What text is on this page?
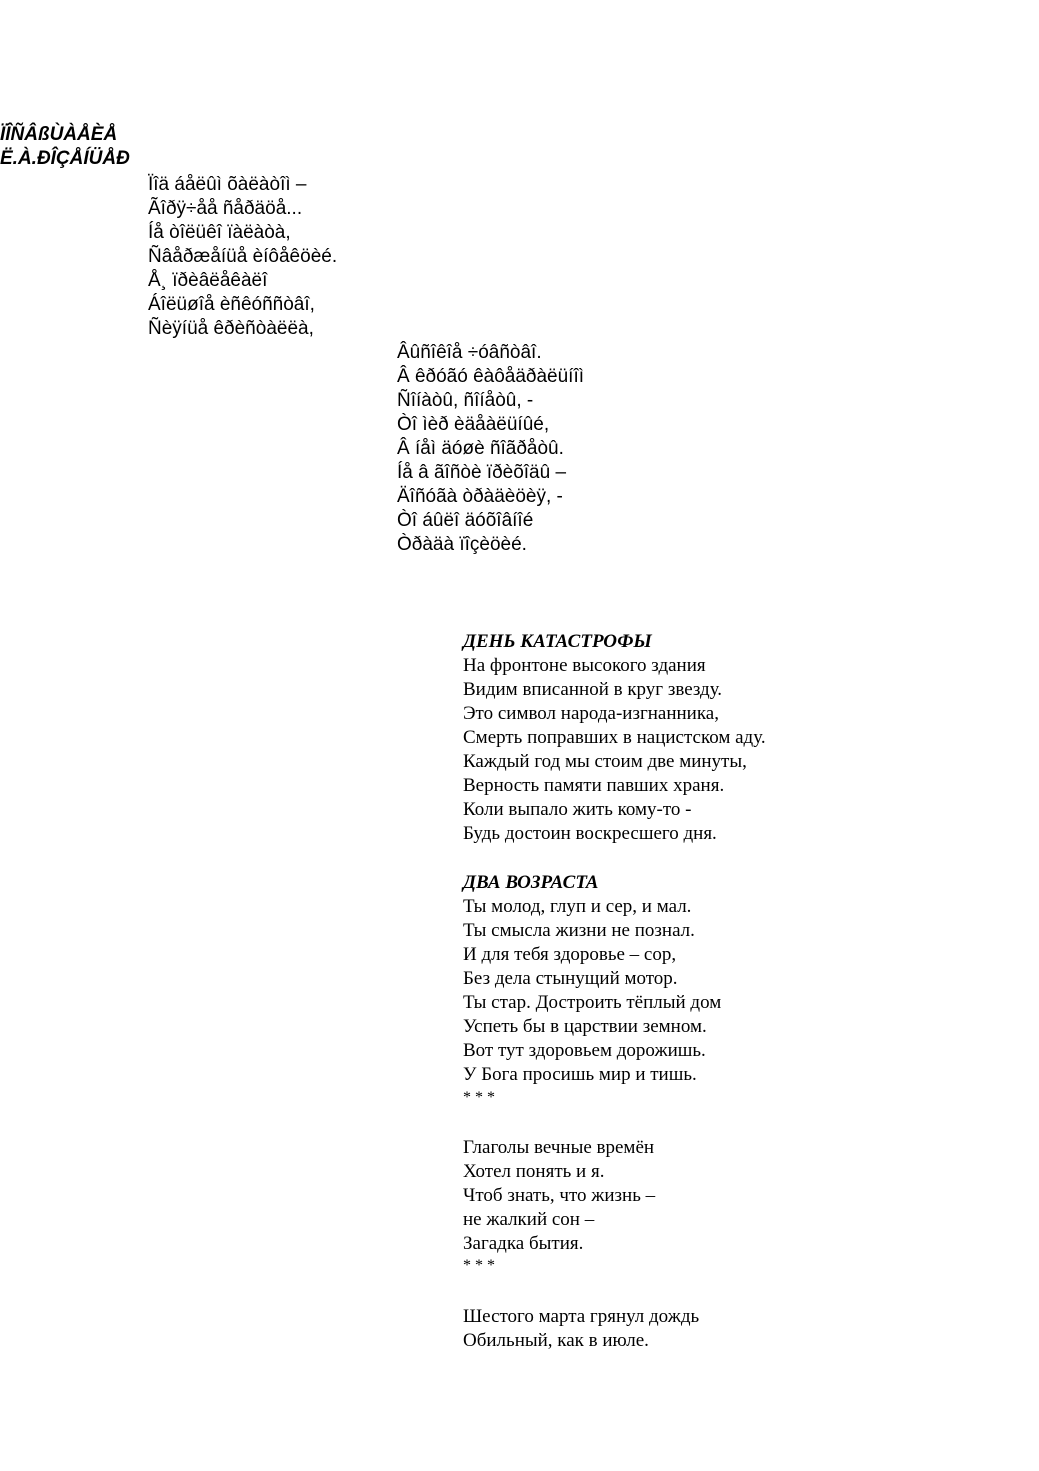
ÏÎÑÂßÙÀÅÈÅ
Ë.À.ÐÎÇÅÍÜÅÐ
Ïîä áåëûì õàëàòîì –
Ãîðÿ÷åå ñåðäöå...
Íå òîëüêî ïàëàòà,
Ñâåðæåíüå èíôåêöèé.
Å¸ ïðèâëåêàëî
Áîëüøîå èñêóññòâî,
Ñèÿíüå êðèñòàëëà,
Âûñîêîå ÷óâñòâî.
Â êðóãó êàôåäðàëüíîì
Ñîíàòû, ñîíåòû, -
Òî ìèð èäåàëüíûé,
Â íåì äóøè ñîãðåòû.
Íå â ãîñòè ïðèõîäû –
Äîñóãà òðàäèöèÿ, -
Òî áûëî äóõîâíîé
Òðàäà ïîçèöèé.
ДЕНЬ КАТАСТРОФЫ
На фронтоне высокого здания
Видим вписанной в круг звезду.
Это символ народа-изгнанника,
Смерть поправших в нацистском аду.
Каждый год мы стоим две минуты,
Верность памяти павших храня.
Коли выпало жить кому-то -
Будь достоин воскресшего дня.
ДВА ВОЗРАСТА
Ты молод, глуп и сер, и мал.
Ты смысла жизни не познал.
И для тебя здоровье – сор,
Без дела стынущий мотор.
Ты стар. Достроить тёплый дом
Успеть бы в царствии земном.
Вот тут здоровьем дорожишь.
У Бога просишь мир и тишь.
* * *
Глаголы вечные времён
Хотел понять и я.
Чтоб знать, что жизнь –
не жалкий сон –
Загадка бытия.
* * *
Шестого марта грянул дождь
Обильный, как в июле.
